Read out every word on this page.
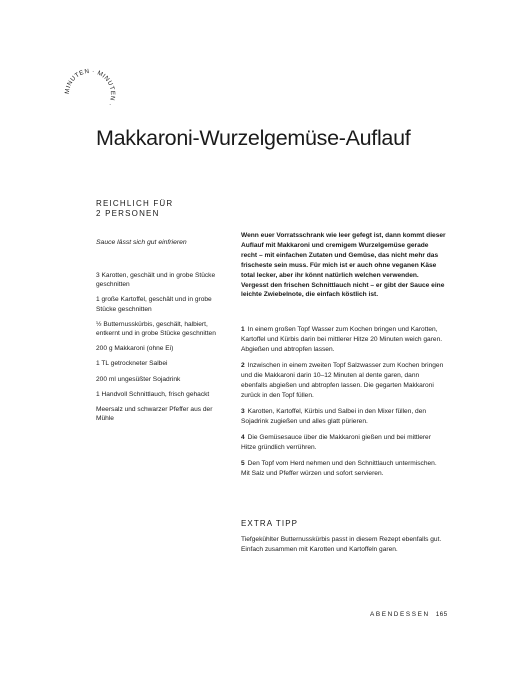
MINUTEN · MINUTEN ·
Makkaroni-Wurzelgemüse-Auflauf
REICHLICH FÜR
2 PERSONEN
Sauce lässt sich gut einfrieren
3 Karotten, geschält und in grobe Stücke geschnitten
1 große Kartoffel, geschält und in grobe Stücke geschnitten
½ Butternusskürbis, geschält, halbiert, entkernt und in grobe Stücke geschnitten
200 g Makkaroni (ohne Ei)
1 TL getrockneter Salbei
200 ml ungesüßter Sojadrink
1 Handvoll Schnittlauch, frisch gehackt
Meersalz und schwarzer Pfeffer aus der Mühle

Wenn euer Vorratsschrank wie leer gefegt ist, dann kommt dieser Auflauf mit Makkaroni und cremigem Wurzelgemüse gerade recht – mit einfachen Zutaten und Gemüse, das nicht mehr das frischeste sein muss. Für mich ist er auch ohne veganen Käse total lecker, aber ihr könnt natürlich welchen verwenden. Vergesst den frischen Schnittlauch nicht – er gibt der Sauce eine leichte Zwiebelnote, die einfach köstlich ist.

1 In einem großen Topf Wasser zum Kochen bringen und Karotten, Kartoffel und Kürbis darin bei mittlerer Hitze 20 Minuten weich garen. Abgießen und abtropfen lassen.
2 Inzwischen in einem zweiten Topf Salzwasser zum Kochen bringen und die Makkaroni darin 10–12 Minuten al dente garen, dann ebenfalls abgießen und abtropfen lassen. Die gegarten Makkaroni zurück in den Topf füllen.
3 Karotten, Kartoffel, Kürbis und Salbei in den Mixer füllen, den Sojadrink zugießen und alles glatt pürieren.
4 Die Gemüsesauce über die Makkaroni gießen und bei mittlerer Hitze gründlich verrühren.
5 Den Topf vom Herd nehmen und den Schnittlauch untermischen. Mit Salz und Pfeffer würzen und sofort servieren.
EXTRA TIPP

Tiefgekühlter Butternusskürbis passt in diesem Rezept ebenfalls gut. Einfach zusammen mit Karotten und Kartoffeln garen.

ABENDESSEN 165
